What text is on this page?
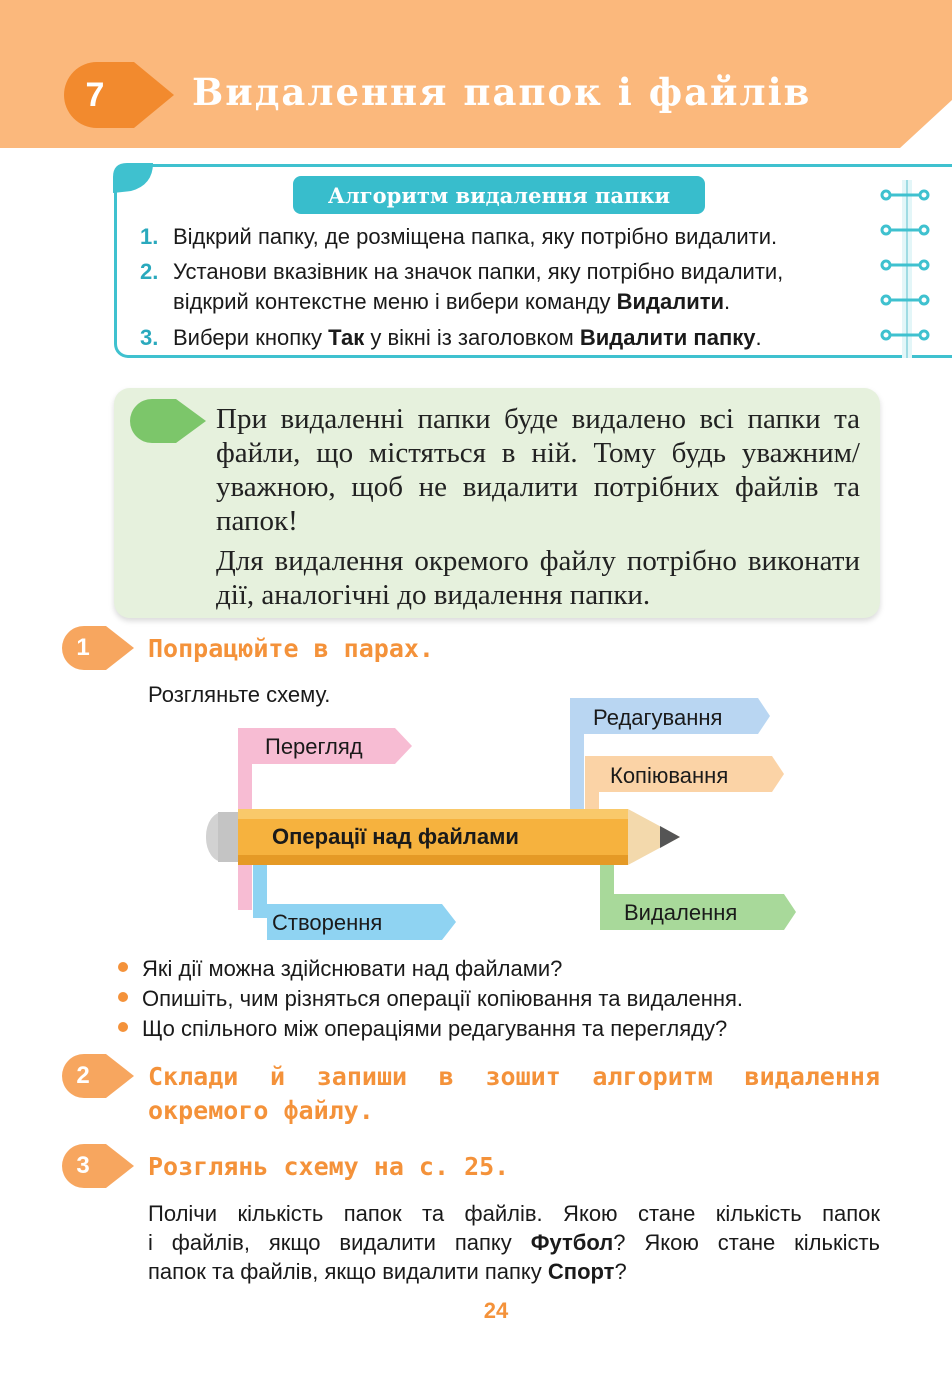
7	Видалення папок і файлів
Алгоритм видалення папки
1. Відкрий папку, де розміщена папка, яку потрібно видалити.
2. Установи вказівник на значок папки, яку потрібно видалити,
відкрий контекстне меню і вибери команду Видалити.
3. Вибери кнопку Так у вікні із заголовком Видалити папку.

При видаленні папки буде видалено всі папки та файли, що містяться в ній. Тому будь уважним/ уважною, щоб не видалити потрібних файлів та папок!

Для видалення окремого файлу потрібно виконати дії, аналогічні до видалення папки.

1	Попрацюйте в парах.
Розгляньте схему.
Перегляд
Створення
Редагування
Копіювання
Видалення
Операції над файлами
Які дії можна здійснювати над файлами?
Опишіть, чим різняться операції копіювання та видалення.
Що спільного між операціями редагування та перегляду?
2	Склади й запиши в зошит алгоритм видалення
окремого файлу.
3	Розглянь схему на с. 25.
Полічи кількість папок та файлів. Якою стане кількість папок
і файлів, якщо видалити папку Футбол? Якою стане кількість
папок та файлів, якщо видалити папку Спорт?
24
